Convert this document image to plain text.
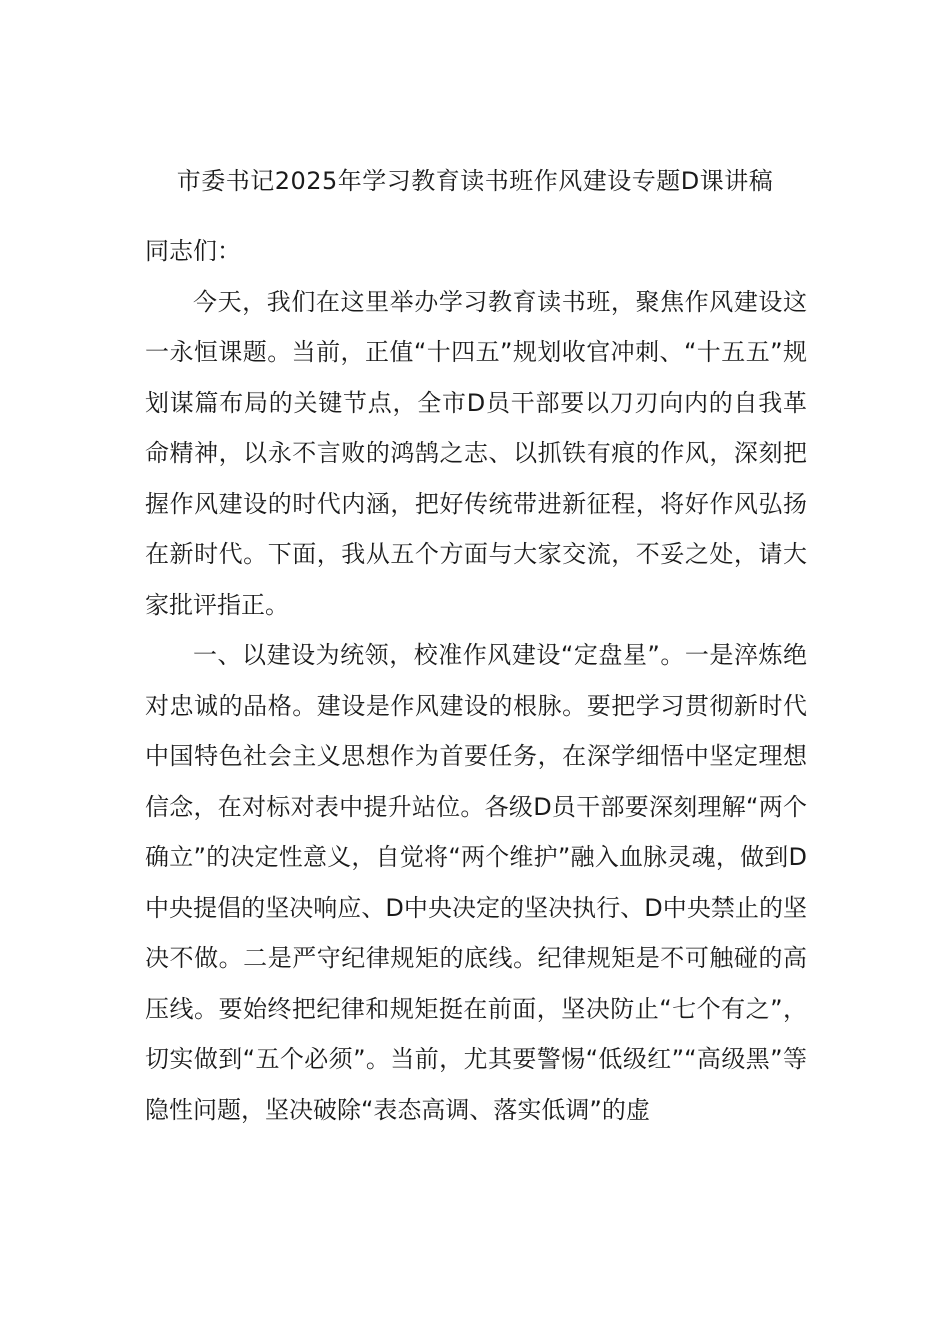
市委书记2025年学习教育读书班作风建设专题D课讲稿

同志们：

今天，我们在这里举办学习教育读书班，聚焦作风建设这一永恒课题。当前，正值“十四五”规划收官冲刺、“十五五”规划谋篇布局的关键节点，全市D员干部要以刀刃向内的自我革命精神，以永不言败的鸿鹄之志、以抓铁有痕的作风，深刻把握作风建设的时代内涵，把好传统带进新征程，将好作风弘扬在新时代。下面，我从五个方面与大家交流，不妥之处，请大家批评指正。

一、以建设为统领，校准作风建设“定盘星”。一是淬炼绝对忠诚的品格。建设是作风建设的根脉。要把学习贯彻新时代中国特色社会主义思想作为首要任务，在深学细悟中坚定理想信念，在对标对表中提升站位。各级D员干部要深刻理解“两个确立”的决定性意义，自觉将“两个维护”融入血脉灵魂，做到D中央提倡的坚决响应、D中央决定的坚决执行、D中央禁止的坚决不做。二是严守纪律规矩的底线。纪律规矩是不可触碰的高压线。要始终把纪律和规矩挺在前面，坚决防止“七个有之”，切实做到“五个必须”。当前，尤其要警惕“低级红”“高级黑”等隐性问题，坚决破除“表态高调、落实低调”的虚
